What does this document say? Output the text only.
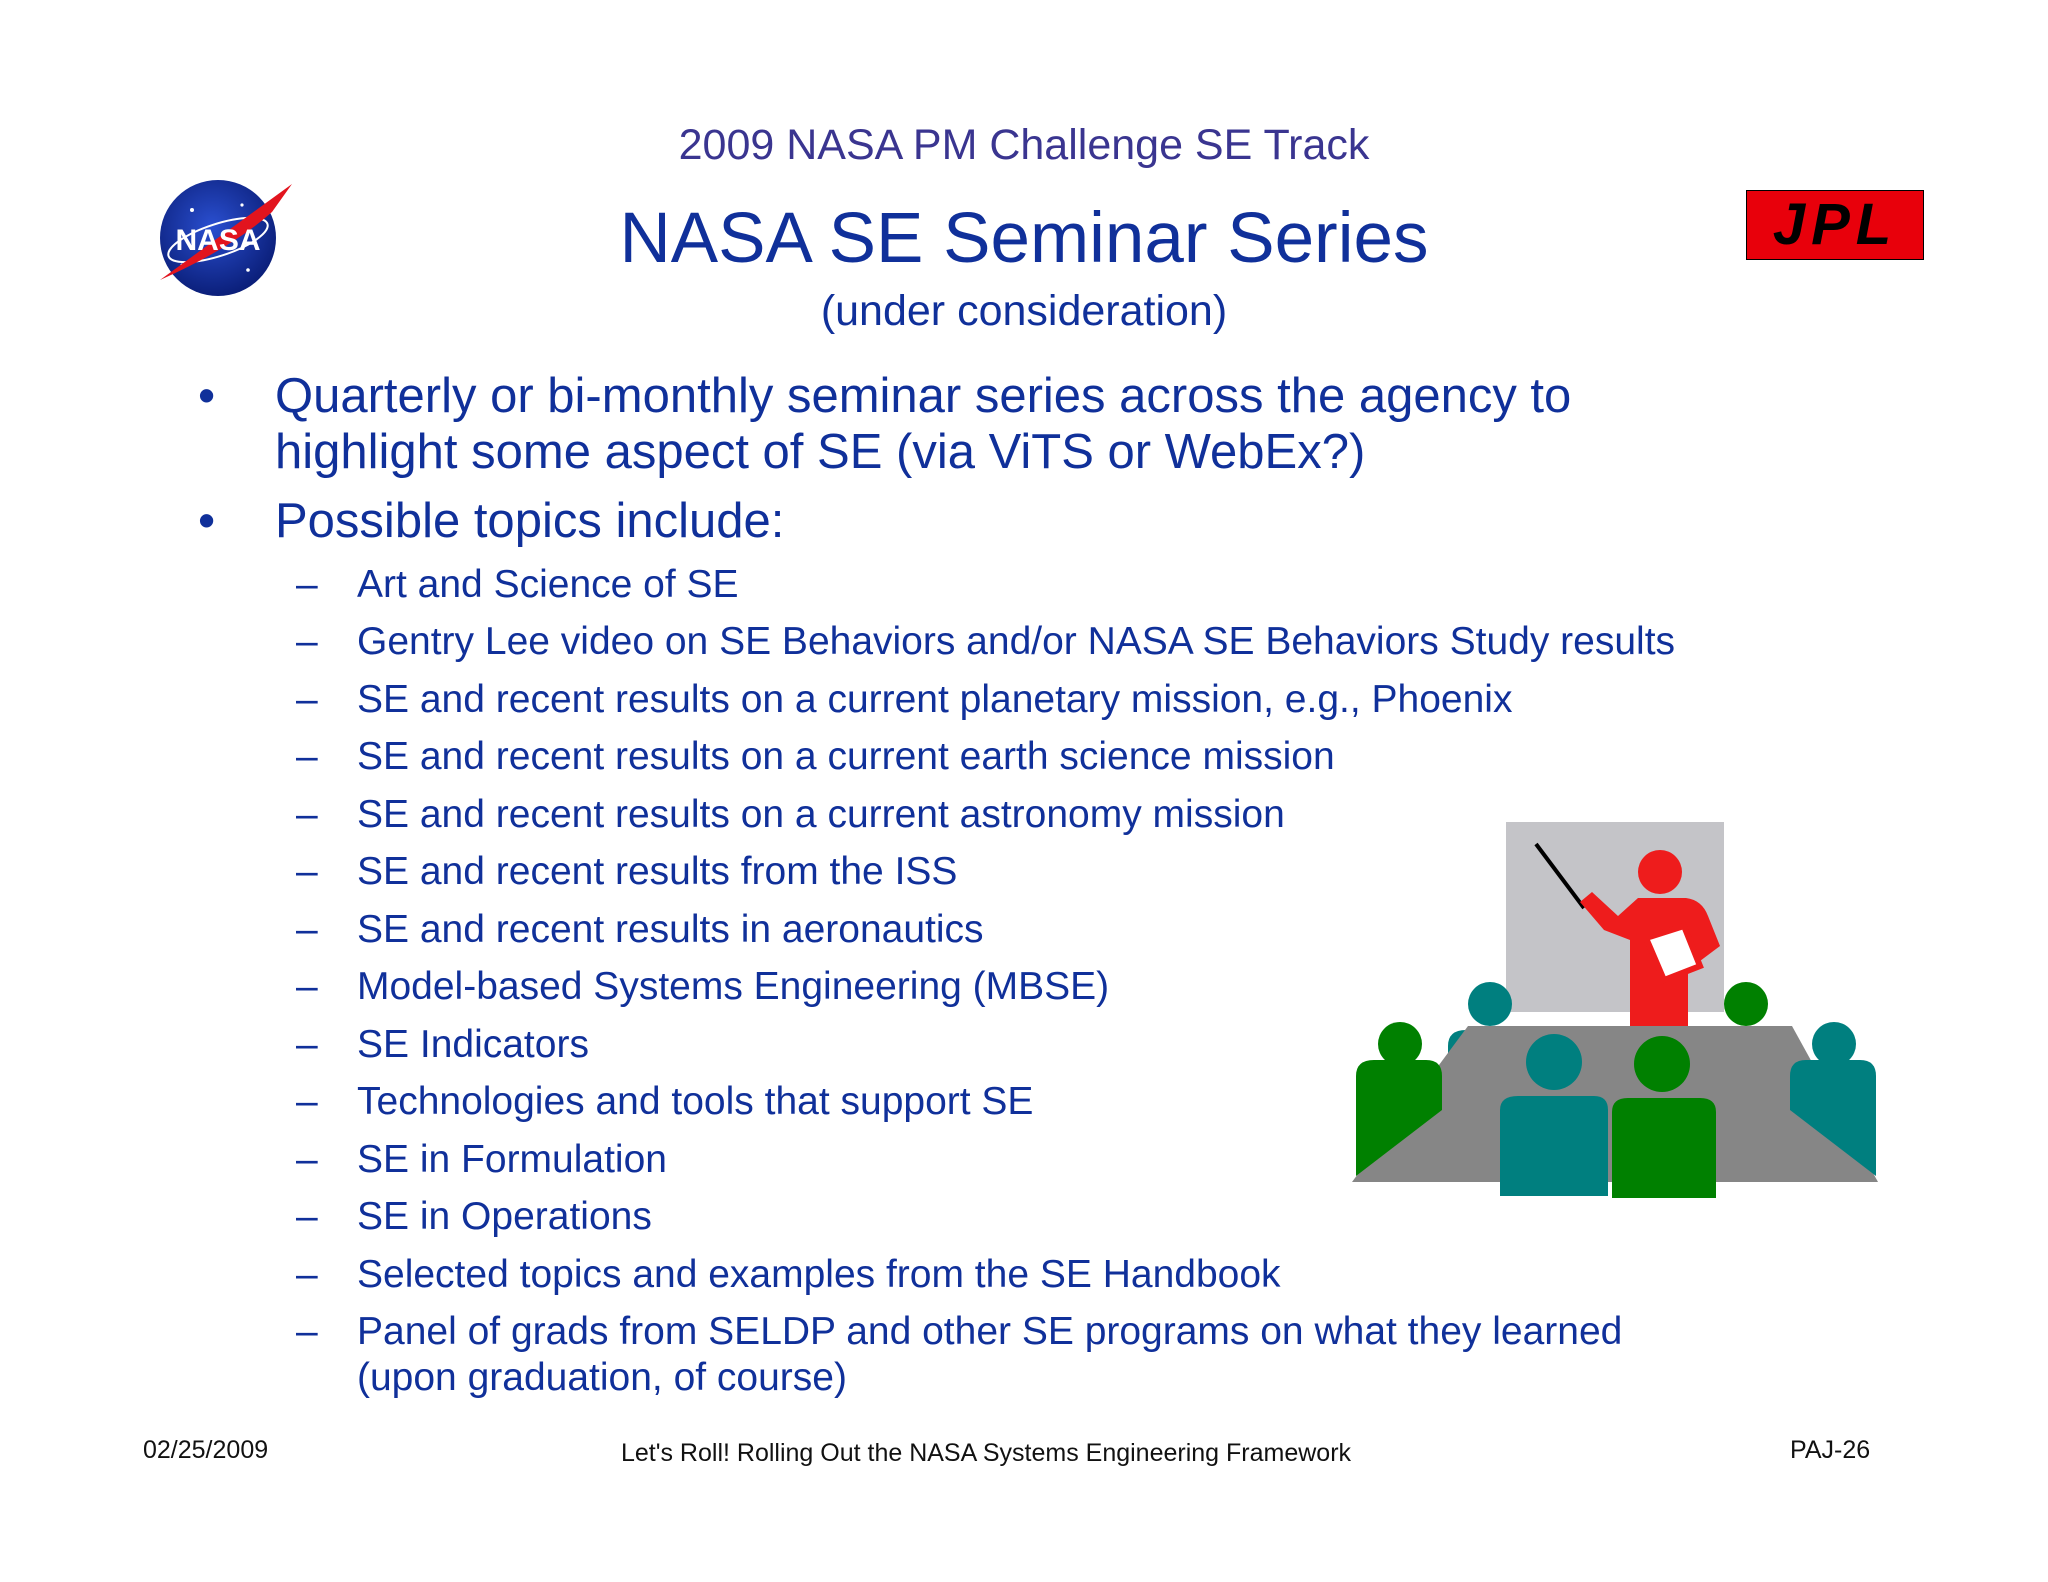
NASA	JPL
2009 NASA PM Challenge SE Track
NASA SE Seminar Series
(under consideration)
• Quarterly or bi-monthly seminar series across the agency to
highlight some aspect of SE (via ViTS or WebEx?)
• Possible topics include:
– Art and Science of SE
– Gentry Lee video on SE Behaviors and/or NASA SE Behaviors Study results
– SE and recent results on a current planetary mission, e.g., Phoenix
– SE and recent results on a current earth science mission
– SE and recent results on a current astronomy mission
– SE and recent results from the ISS
– SE and recent results in aeronautics
– Model-based Systems Engineering (MBSE)
– SE Indicators
– Technologies and tools that support SE
– SE in Formulation
– SE in Operations
– Selected topics and examples from the SE Handbook
– Panel of grads from SELDP and other SE programs on what they learned
(upon graduation, of course)
02/25/2009	Let's Roll! Rolling Out the NASA Systems Engineering Framework	PAJ-26
